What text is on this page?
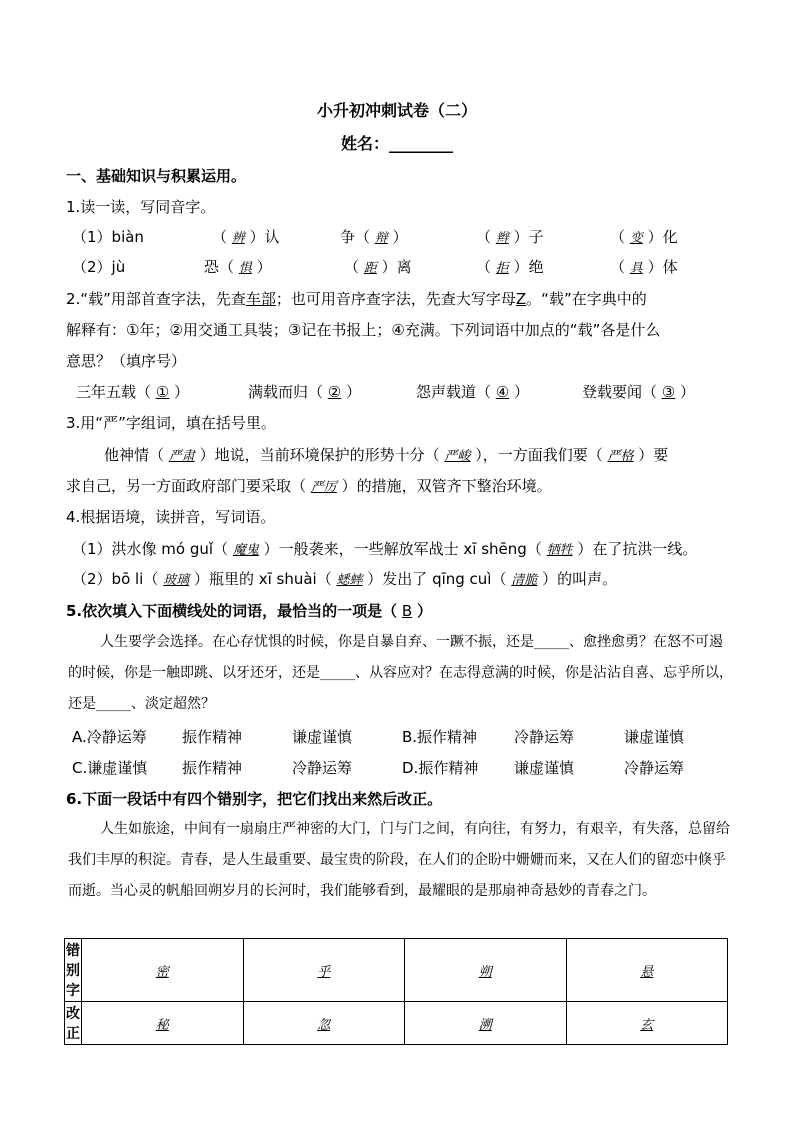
小升初冲刺试卷（二）
姓名：________
一、基础知识与积累运用。
1.读一读，写同音字。
（1）biàn	（ 辨 ）认	争（ 辩 ）	（ 辫 ）子	（ 变 ）化
（2）jù	恐（ 惧 ）	（ 距 ）离	（ 拒 ）绝	（ 具 ）体
2.“载”用部首查字法，先查车部；也可用音序查字法，先查大写字母Z。“载”在字典中的
解释有：①年；②用交通工具装；③记在书报上；④充满。下列词语中加点的“载”各是什么
意思？（填序号）
三年五载（ ① ）	满载而归（ ② ）	怨声载道（ ④ ）	登载要闻（ ③ ）
3.用“严”字组词，填在括号里。
他神情（ 严肃 ）地说，当前环境保护的形势十分（ 严峻 ），一方面我们要（ 严格 ）要
求自己，另一方面政府部门要采取（ 严厉 ）的措施，双管齐下整治环境。
4.根据语境，读拼音，写词语。
（1）洪水像 mó guǐ（ 魔鬼 ）一般袭来，一些解放军战士 xī shēng（ 牺牲 ）在了抗洪一线。
（2）bō li（ 玻璃 ）瓶里的 xī shuài（ 蟋蟀 ）发出了 qīng cuì（ 清脆 ）的叫声。
5.依次填入下面横线处的词语，最恰当的一项是（ B ）
人生要学会选择。在心存忧惧的时候，你是自暴自弃、一蹶不振，还是_____、愈挫愈勇？在怒不可遏的时候，你是一触即跳、以牙还牙，还是_____、从容应对？在志得意满的时候，你是沾沾自喜、忘乎所以，还是_____、淡定超然？
A.冷静运筹 振作精神	谦虚谨慎	B.振作精神 冷静运筹	谦虚谨慎
C.谦虚谨慎 振作精神	冷静运筹	D.振作精神 谦虚谨慎	冷静运筹
6.下面一段话中有四个错别字，把它们找出来然后改正。
人生如旅途，中间有一扇扇庄严神密的大门，门与门之间，有向往，有努力，有艰辛，有失落，总留给我们丰厚的积淀。青春，是人生最重要、最宝贵的阶段，在人们的企盼中姗姗而来，又在人们的留恋中倏乎而逝。当心灵的帆船回朔岁月的长河时，我们能够看到，最耀眼的是那扇神奇悬妙的青春之门。
错别字	密	乎	朔	悬
改正	秘	忽	溯	玄
